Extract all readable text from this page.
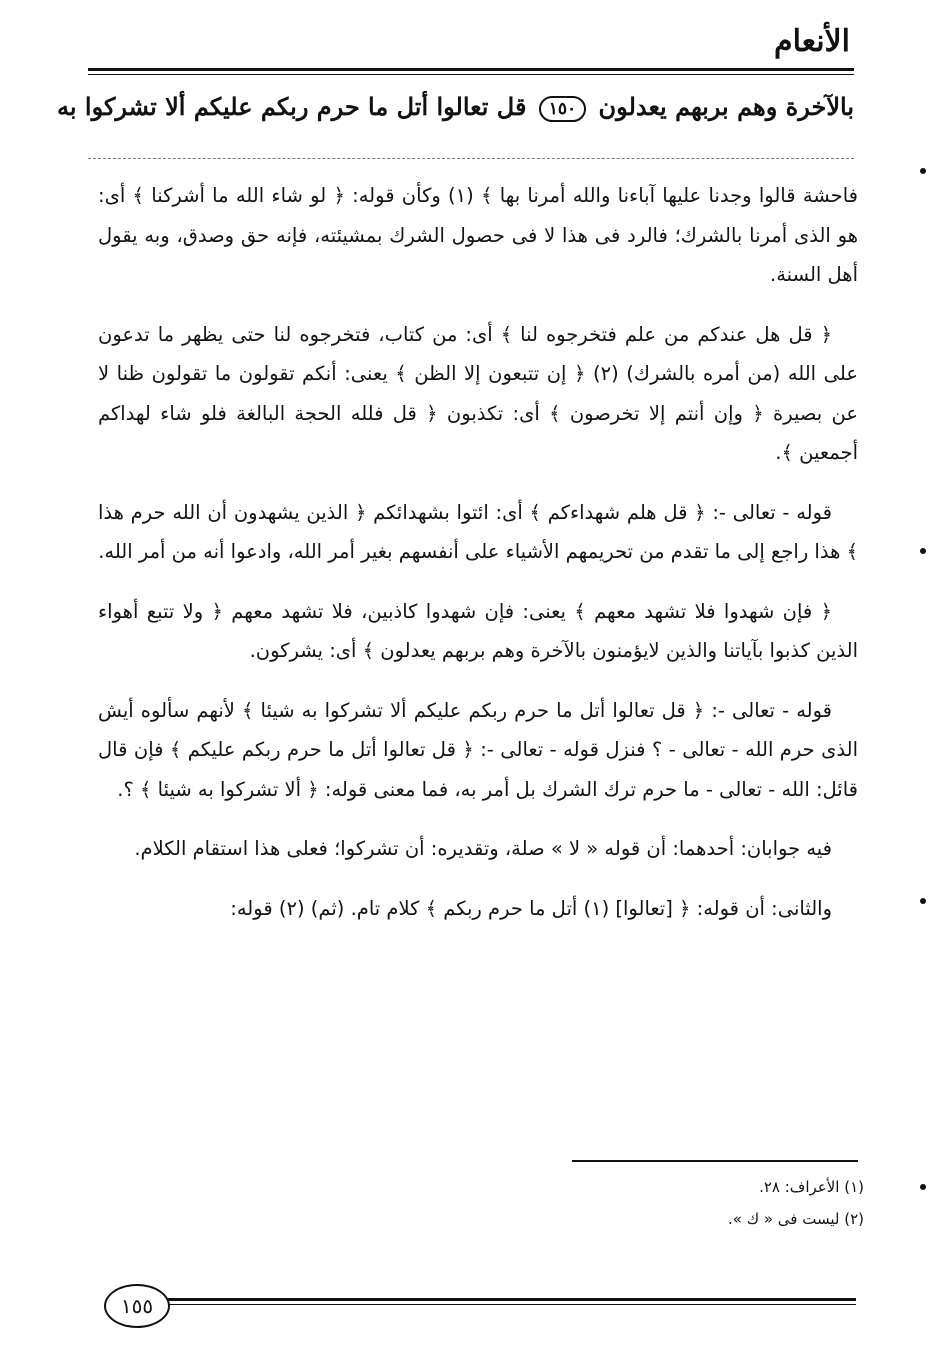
الأنعام
بالآخرة وهم بربهم يعدلون ١٥٠ قل تعالوا أتل ما حرم ربكم عليكم ألا تشركوا به

فاحشة قالوا وجدنا عليها آباءنا والله أمرنا بها ﴾ (١) وكأن قوله: ﴿ لو شاء الله ما أشركنا ﴾ أى: هو الذى أمرنا بالشرك؛ فالرد فى هذا لا فى حصول الشرك بمشيئته، فإنه حق وصدق، وبه يقول أهل السنة.

﴿ قل هل عندكم من علم فتخرجوه لنا ﴾ أى: من كتاب، فتخرجوه لنا حتى يظهر ما تدعون على الله (من أمره بالشرك) (٢) ﴿ إن تتبعون إلا الظن ﴾ يعنى: أنكم تقولون ما تقولون ظنا لا عن بصيرة ﴿ وإن أنتم إلا تخرصون ﴾ أى: تكذبون ﴿ قل فلله الحجة البالغة فلو شاء لهداكم أجمعين ﴾.

قوله - تعالى -: ﴿ قل هلم شهداءكم ﴾ أى: ائتوا بشهدائكم ﴿ الذين يشهدون أن الله حرم هذا ﴾ هذا راجع إلى ما تقدم من تحريمهم الأشياء على أنفسهم بغير أمر الله، وادعوا أنه من أمر الله.

﴿ فإن شهدوا فلا تشهد معهم ﴾ يعنى: فإن شهدوا كاذبين، فلا تشهد معهم ﴿ ولا تتبع أهواء الذين كذبوا بآياتنا والذين لايؤمنون بالآخرة وهم بربهم يعدلون ﴾ أى: يشركون.

قوله - تعالى -: ﴿ قل تعالوا أتل ما حرم ربكم عليكم ألا تشركوا به شيئا ﴾ لأنهم سألوه أيش الذى حرم الله - تعالى - ؟ فنزل قوله - تعالى -: ﴿ قل تعالوا أتل ما حرم ربكم عليكم ﴾ فإن قال قائل: الله - تعالى - ما حرم ترك الشرك بل أمر به، فما معنى قوله: ﴿ ألا تشركوا به شيئا ﴾ ؟.

فيه جوابان: أحدهما: أن قوله « لا » صلة، وتقديره: أن تشركوا؛ فعلى هذا استقام الكلام.

والثانى: أن قوله: ﴿ [تعالوا] (١) أتل ما حرم ربكم ﴾ كلام تام. (ثم) (٢) قوله:

(١) الأعراف: ٢٨.
(٢) ليست فى « ك ».
١٥٥
